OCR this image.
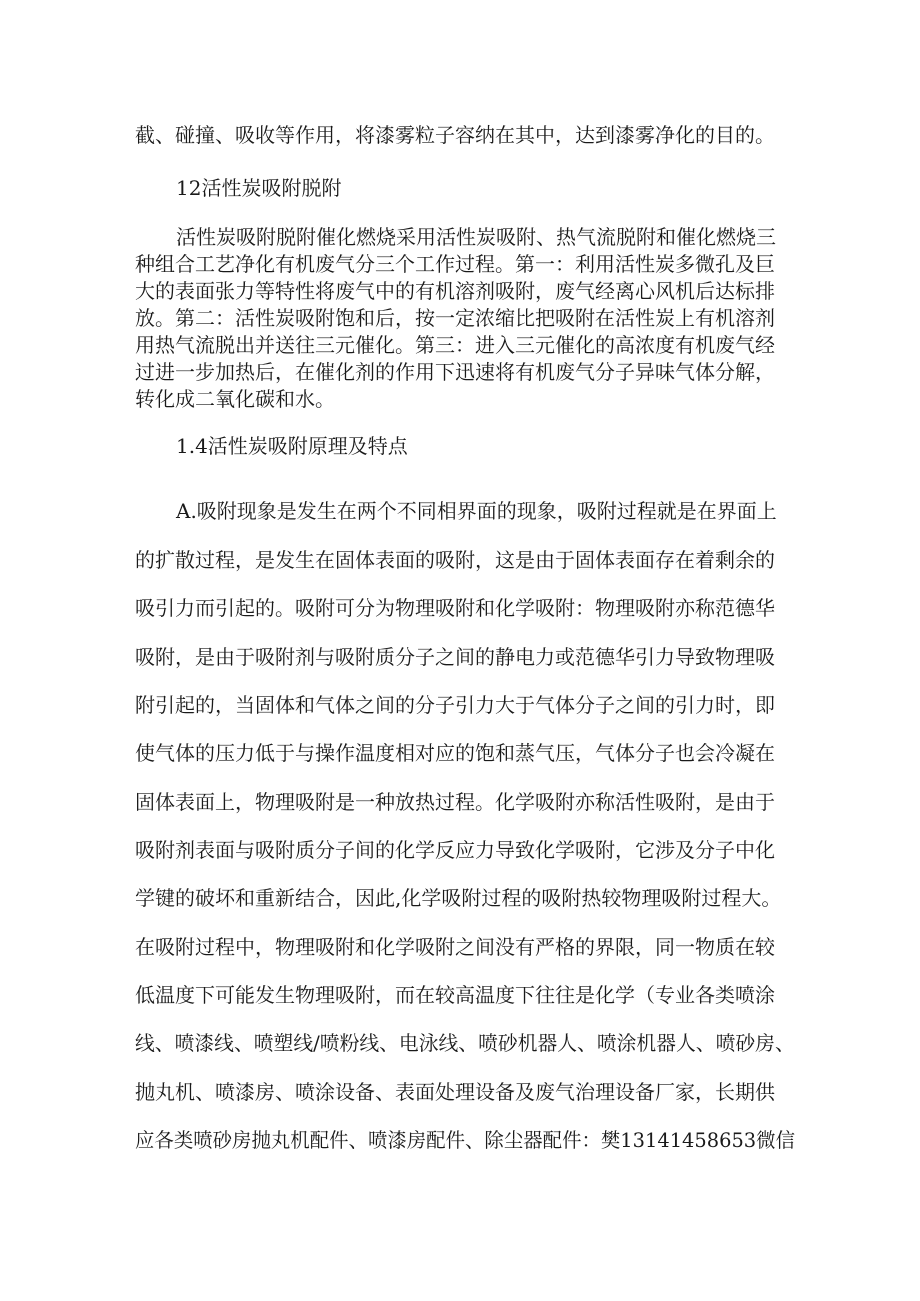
截、碰撞、吸收等作用，将漆雾粒子容纳在其中，达到漆雾净化的目的。
12活性炭吸附脱附
活性炭吸附脱附催化燃烧采用活性炭吸附、热气流脱附和催化燃烧三
种组合工艺净化有机废气分三个工作过程。第一：利用活性炭多微孔及巨
大的表面张力等特性将废气中的有机溶剂吸附，废气经离心风机后达标排
放。第二：活性炭吸附饱和后，按一定浓缩比把吸附在活性炭上有机溶剂
用热气流脱出并送往三元催化。第三：进入三元催化的高浓度有机废气经
过进一步加热后，在催化剂的作用下迅速将有机废气分子异味气体分解，
转化成二氧化碳和水。
1.4活性炭吸附原理及特点
A.吸附现象是发生在两个不同相界面的现象，吸附过程就是在界面上
的扩散过程，是发生在固体表面的吸附，这是由于固体表面存在着剩余的
吸引力而引起的。吸附可分为物理吸附和化学吸附：物理吸附亦称范德华
吸附，是由于吸附剂与吸附质分子之间的静电力或范德华引力导致物理吸
附引起的，当固体和气体之间的分子引力大于气体分子之间的引力时，即
使气体的压力低于与操作温度相对应的饱和蒸气压，气体分子也会冷凝在
固体表面上，物理吸附是一种放热过程。化学吸附亦称活性吸附，是由于
吸附剂表面与吸附质分子间的化学反应力导致化学吸附，它涉及分子中化
学键的破坏和重新结合，因此,化学吸附过程的吸附热较物理吸附过程大。
在吸附过程中，物理吸附和化学吸附之间没有严格的界限，同一物质在较
低温度下可能发生物理吸附，而在较高温度下往往是化学（专业各类喷涂
线、喷漆线、喷塑线/喷粉线、电泳线、喷砂机器人、喷涂机器人、喷砂房、
抛丸机、喷漆房、喷涂设备、表面处理设备及废气治理设备厂家，长期供
应各类喷砂房抛丸机配件、喷漆房配件、除尘器配件：樊13141458653微信
